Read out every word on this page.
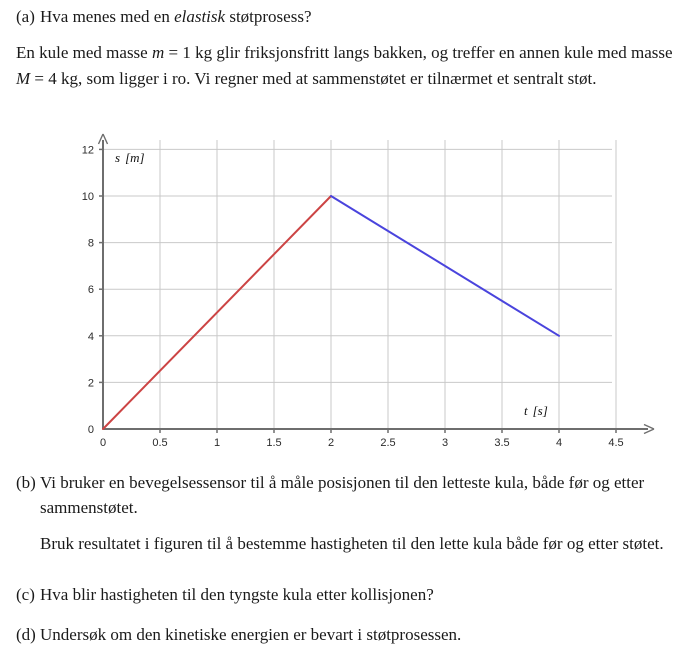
(a) Hva menes med en elastisk støtprosess?
En kule med masse m = 1 kg glir friksjonsfritt langs bakken, og treffer en annen kule med masse M = 4 kg, som ligger i ro. Vi regner med at sammenstøtet er tilnærmet et sentralt støt.
0
2
4
6
8
10
12
0	0.5	1	1.5	2	2.5	3	3.5	4	4.5
s [m]
t [s]
(b) Vi bruker en bevegelsessensor til å måle posisjonen til den letteste kula, både før og etter sammenstøtet.
Bruk resultatet i figuren til å bestemme hastigheten til den lette kula både før og etter støtet.
(c) Hva blir hastigheten til den tyngste kula etter kollisjonen?
(d) Undersøk om den kinetiske energien er bevart i støtprosessen.
